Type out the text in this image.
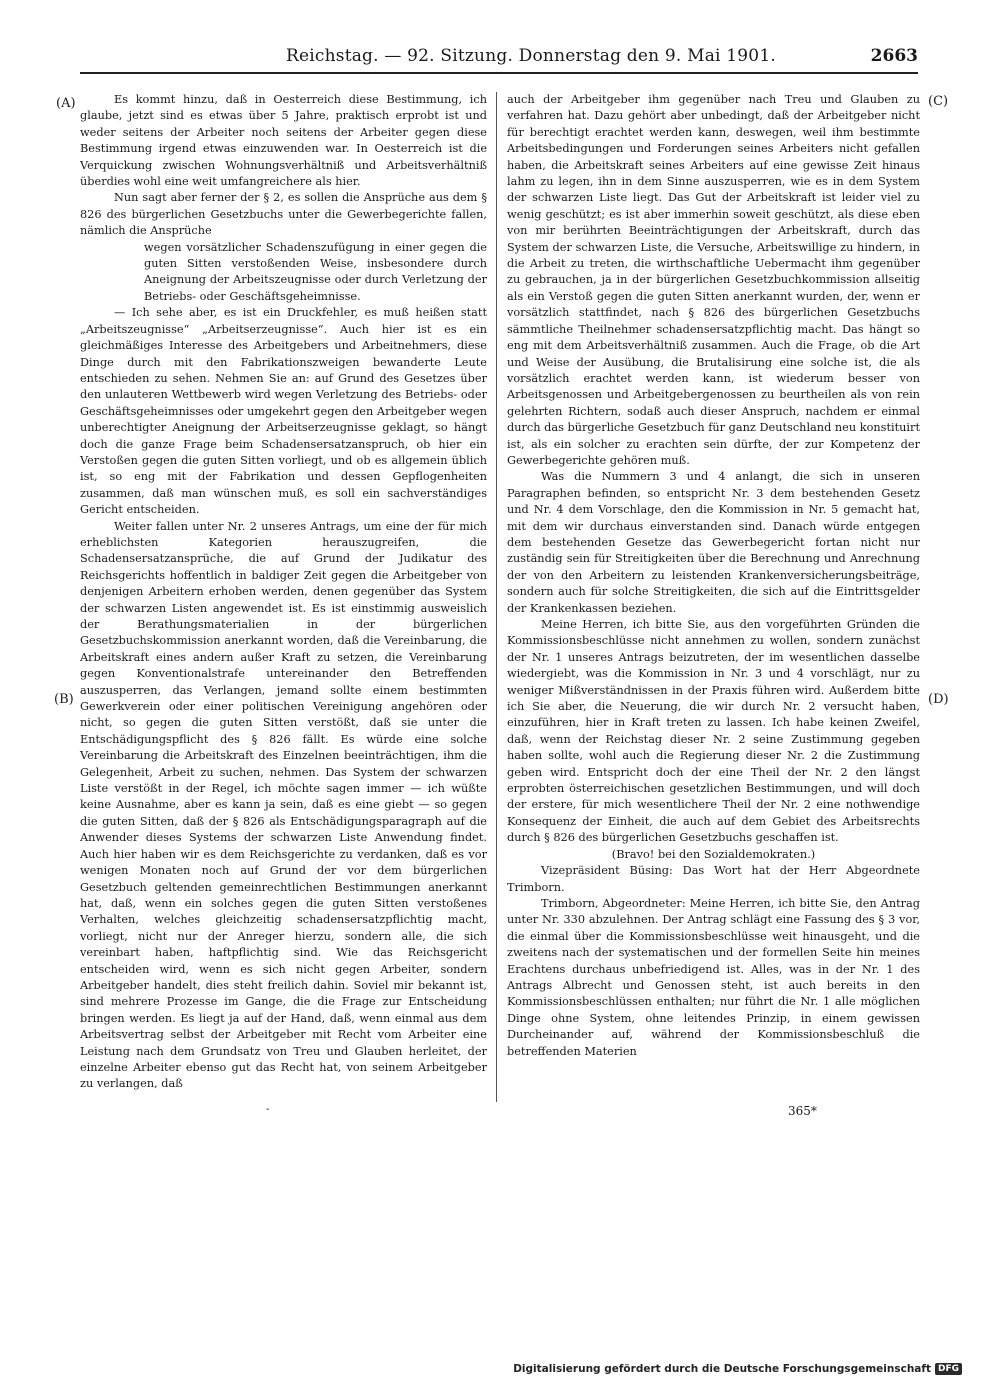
Reichstag. — 92. Sitzung. Donnerstag den 9. Mai 1901.	2663
(A)
(B)
(C)
(D)

Es kommt hinzu, daß in Oesterreich diese Bestimmung, ich glaube, jetzt sind es etwas über 5 Jahre, praktisch erprobt ist und weder seitens der Arbeiter noch seitens der Arbeiter gegen diese Bestimmung irgend etwas einzuwenden war. In Oesterreich ist die Verquickung zwischen Wohnungsverhältniß und Arbeitsverhältniß überdies wohl eine weit umfangreichere als hier.

Nun sagt aber ferner der § 2, es sollen die Ansprüche aus dem § 826 des bürgerlichen Gesetzbuchs unter die Gewerbegerichte fallen, nämlich die Ansprüche

wegen vorsätzlicher Schadenszufügung in einer gegen die guten Sitten verstoßenden Weise, insbesondere durch Aneignung der Arbeitszeugnisse oder durch Verletzung der Betriebs- oder Geschäftsgeheimnisse.

— Ich sehe aber, es ist ein Druckfehler, es muß heißen statt „Arbeitszeugnisse“ „Arbeitserzeugnisse“. Auch hier ist es ein gleichmäßiges Interesse des Arbeitgebers und Arbeitnehmers, diese Dinge durch mit den Fabrikationszweigen bewanderte Leute entschieden zu sehen. Nehmen Sie an: auf Grund des Gesetzes über den unlauteren Wettbewerb wird wegen Verletzung des Betriebs- oder Geschäftsgeheimnisses oder umgekehrt gegen den Arbeitgeber wegen unberechtigter Aneignung der Arbeitserzeugnisse geklagt, so hängt doch die ganze Frage beim Schadensersatzanspruch, ob hier ein Verstoßen gegen die guten Sitten vorliegt, und ob es allgemein üblich ist, so eng mit der Fabrikation und dessen Gepflogenheiten zusammen, daß man wünschen muß, es soll ein sachverständiges Gericht entscheiden.

Weiter fallen unter Nr. 2 unseres Antrags, um eine der für mich erheblichsten Kategorien herauszugreifen, die Schadensersatzansprüche, die auf Grund der Judikatur des Reichsgerichts hoffentlich in baldiger Zeit gegen die Arbeitgeber von denjenigen Arbeitern erhoben werden, denen gegenüber das System der schwarzen Listen angewendet ist. Es ist einstimmig ausweislich der Berathungsmaterialien in der bürgerlichen Gesetzbuchskommission anerkannt worden, daß die Vereinbarung, die Arbeitskraft eines andern außer Kraft zu setzen, die Vereinbarung gegen Konventionalstrafe untereinander den Betreffenden auszusperren, das Verlangen, jemand sollte einem bestimmten Gewerkverein oder einer politischen Vereinigung angehören oder nicht, so gegen die guten Sitten verstößt, daß sie unter die Entschädigungspflicht des § 826 fällt. Es würde eine solche Vereinbarung die Arbeitskraft des Einzelnen beeinträchtigen, ihm die Gelegenheit, Arbeit zu suchen, nehmen. Das System der schwarzen Liste verstößt in der Regel, ich möchte sagen immer — ich wüßte keine Ausnahme, aber es kann ja sein, daß es eine giebt — so gegen die guten Sitten, daß der § 826 als Entschädigungsparagraph auf die Anwender dieses Systems der schwarzen Liste Anwendung findet. Auch hier haben wir es dem Reichsgerichte zu verdanken, daß es vor wenigen Monaten noch auf Grund der vor dem bürgerlichen Gesetzbuch geltenden gemeinrechtlichen Bestimmungen anerkannt hat, daß, wenn ein solches gegen die guten Sitten verstoßenes Verhalten, welches gleichzeitig schadensersatzpflichtig macht, vorliegt, nicht nur der Anreger hierzu, sondern alle, die sich vereinbart haben, haftpflichtig sind. Wie das Reichsgericht entscheiden wird, wenn es sich nicht gegen Arbeiter, sondern Arbeitgeber handelt, dies steht freilich dahin. Soviel mir bekannt ist, sind mehrere Prozesse im Gange, die die Frage zur Entscheidung bringen werden. Es liegt ja auf der Hand, daß, wenn einmal aus dem Arbeitsvertrag selbst der Arbeitgeber mit Recht vom Arbeiter eine Leistung nach dem Grundsatz von Treu und Glauben herleitet, der einzelne Arbeiter ebenso gut das Recht hat, von seinem Arbeitgeber zu verlangen, daß

auch der Arbeitgeber ihm gegenüber nach Treu und Glauben zu verfahren hat. Dazu gehört aber unbedingt, daß der Arbeitgeber nicht für berechtigt erachtet werden kann, deswegen, weil ihm bestimmte Arbeitsbedingungen und Forderungen seines Arbeiters nicht gefallen haben, die Arbeitskraft seines Arbeiters auf eine gewisse Zeit hinaus lahm zu legen, ihn in dem Sinne auszusperren, wie es in dem System der schwarzen Liste liegt. Das Gut der Arbeitskraft ist leider viel zu wenig geschützt; es ist aber immerhin soweit geschützt, als diese eben von mir berührten Beeinträchtigungen der Arbeitskraft, durch das System der schwarzen Liste, die Versuche, Arbeitswillige zu hindern, in die Arbeit zu treten, die wirthschaftliche Uebermacht ihm gegenüber zu gebrauchen, ja in der bürgerlichen Gesetzbuchkommission allseitig als ein Verstoß gegen die guten Sitten anerkannt wurden, der, wenn er vorsätzlich stattfindet, nach § 826 des bürgerlichen Gesetzbuchs sämmtliche Theilnehmer schadensersatzpflichtig macht. Das hängt so eng mit dem Arbeitsverhältniß zusammen. Auch die Frage, ob die Art und Weise der Ausübung, die Brutalisirung eine solche ist, die als vorsätzlich erachtet werden kann, ist wiederum besser von Arbeitsgenossen und Arbeitgebergenossen zu beurtheilen als von rein gelehrten Richtern, sodaß auch dieser Anspruch, nachdem er einmal durch das bürgerliche Gesetzbuch für ganz Deutschland neu konstituirt ist, als ein solcher zu erachten sein dürfte, der zur Kompetenz der Gewerbegerichte gehören muß.

Was die Nummern 3 und 4 anlangt, die sich in unseren Paragraphen befinden, so entspricht Nr. 3 dem bestehenden Gesetz und Nr. 4 dem Vorschlage, den die Kommission in Nr. 5 gemacht hat, mit dem wir durchaus einverstanden sind. Danach würde entgegen dem bestehenden Gesetze das Gewerbegericht fortan nicht nur zuständig sein für Streitigkeiten über die Berechnung und Anrechnung der von den Arbeitern zu leistenden Krankenversicherungsbeiträge, sondern auch für solche Streitigkeiten, die sich auf die Eintrittsgelder der Krankenkassen beziehen.

Meine Herren, ich bitte Sie, aus den vorgeführten Gründen die Kommissionsbeschlüsse nicht annehmen zu wollen, sondern zunächst der Nr. 1 unseres Antrags beizutreten, der im wesentlichen dasselbe wiedergiebt, was die Kommission in Nr. 3 und 4 vorschlägt, nur zu weniger Mißverständnissen in der Praxis führen wird. Außerdem bitte ich Sie aber, die Neuerung, die wir durch Nr. 2 versucht haben, einzuführen, hier in Kraft treten zu lassen. Ich habe keinen Zweifel, daß, wenn der Reichstag dieser Nr. 2 seine Zustimmung gegeben haben sollte, wohl auch die Regierung dieser Nr. 2 die Zustimmung geben wird. Entspricht doch der eine Theil der Nr. 2 den längst erprobten österreichischen gesetzlichen Bestimmungen, und will doch der erstere, für mich wesentlichere Theil der Nr. 2 eine nothwendige Konsequenz der Einheit, die auch auf dem Gebiet des Arbeitsrechts durch § 826 des bürgerlichen Gesetzbuchs geschaffen ist.

(Bravo! bei den Sozialdemokraten.)

Vizepräsident Büsing: Das Wort hat der Herr Abgeordnete Trimborn.

Trimborn, Abgeordneter: Meine Herren, ich bitte Sie, den Antrag unter Nr. 330 abzulehnen. Der Antrag schlägt eine Fassung des § 3 vor, die einmal über die Kommissionsbeschlüsse weit hinausgeht, und die zweitens nach der systematischen und der formellen Seite hin meines Erachtens durchaus unbefriedigend ist. Alles, was in der Nr. 1 des Antrags Albrecht und Genossen steht, ist auch bereits in den Kommissionsbeschlüssen enthalten; nur führt die Nr. 1 alle möglichen Dinge ohne System, ohne leitendes Prinzip, in einem gewissen Durcheinander auf, während der Kommissionsbeschluß die betreffenden Materien

-	365*
Digitalisierung gefördert durch die Deutsche Forschungsgemeinschaft DFG
